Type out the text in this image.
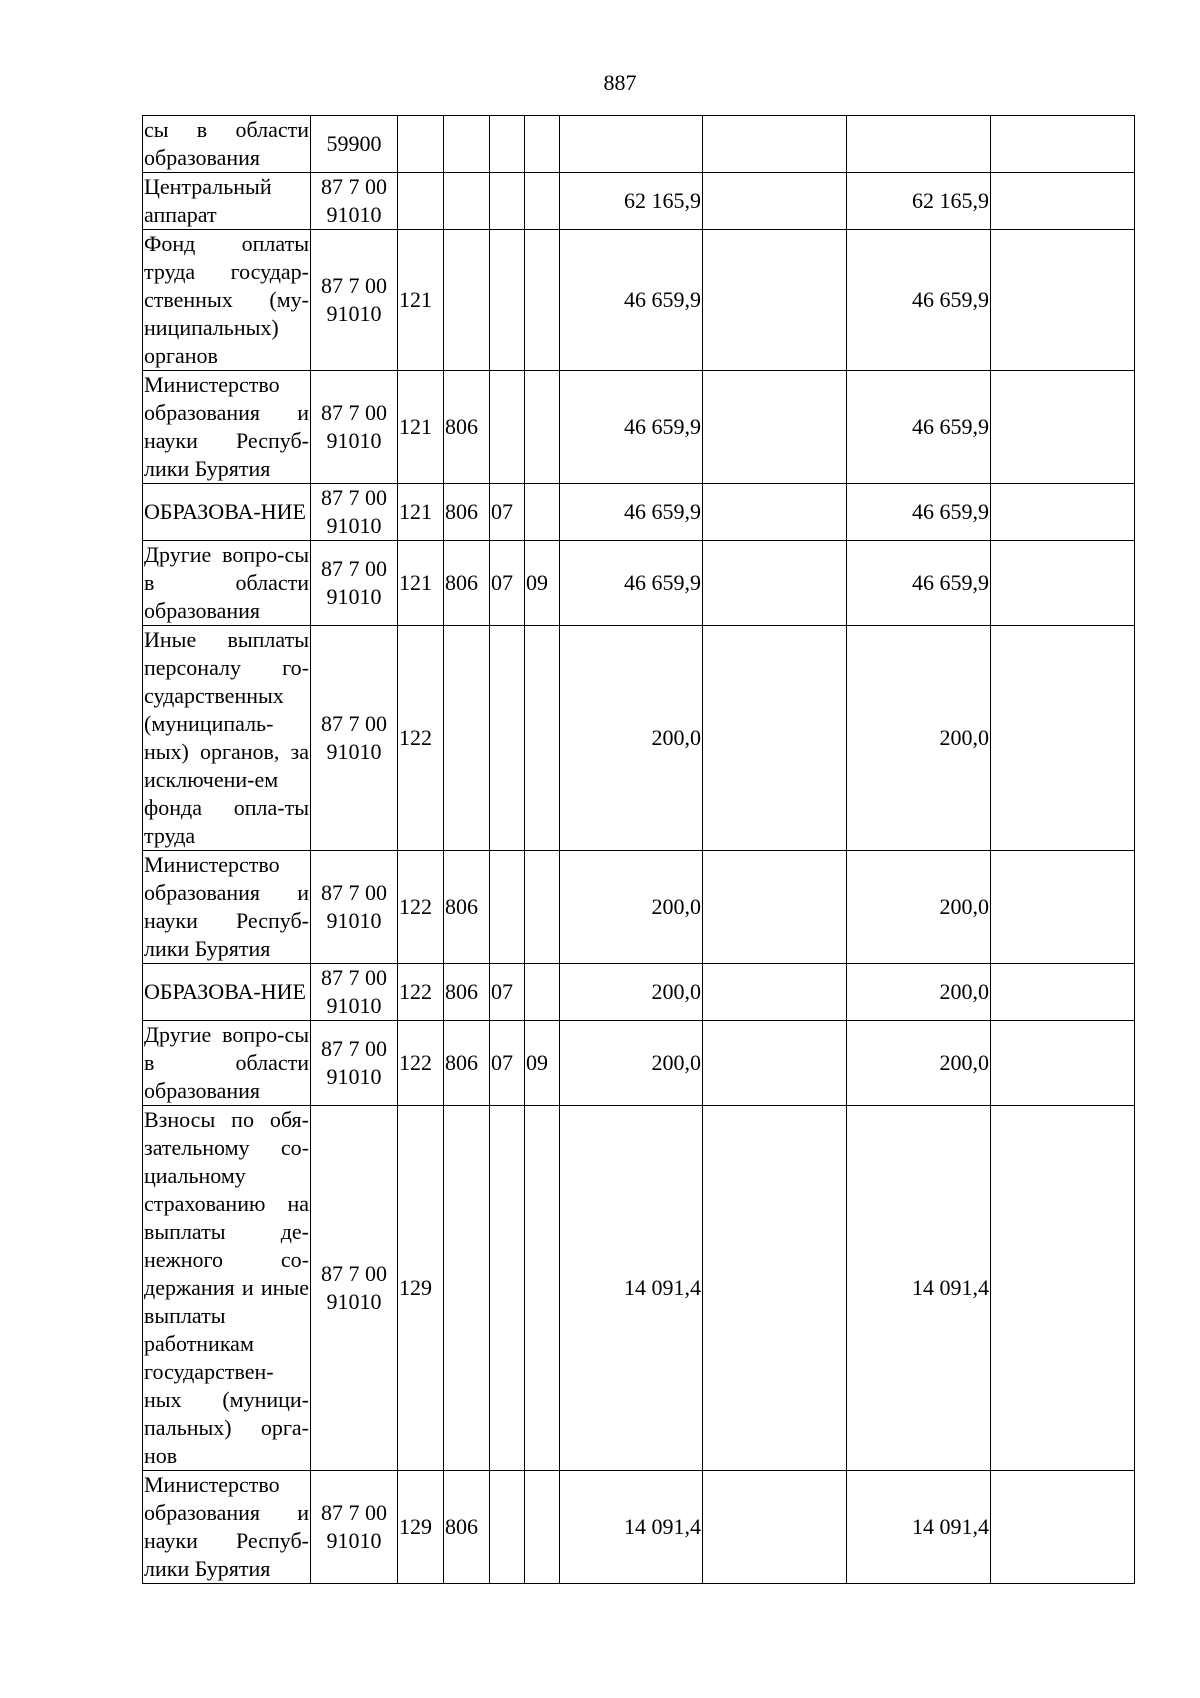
887
сы в области образования	59900								
Центральный аппарат	87 7 00 91010					62 165,9		62 165,9	
Фонд оплаты труда государ-ственных (му-ниципальных) органов	87 7 00 91010	121				46 659,9		46 659,9	
Министерство образования и науки Респуб-лики Бурятия	87 7 00 91010	121	806			46 659,9		46 659,9	
ОБРАЗОВА-НИЕ	87 7 00 91010	121	806	07		46 659,9		46 659,9	
Другие вопро-сы в области образования	87 7 00 91010	121	806	07	09	46 659,9		46 659,9	
Иные выплаты персоналу го-сударственных (муниципаль-ных) органов, за исключени-ем фонда опла-ты труда	87 7 00 91010	122				200,0		200,0	
Министерство образования и науки Респуб-лики Бурятия	87 7 00 91010	122	806			200,0		200,0	
ОБРАЗОВА-НИЕ	87 7 00 91010	122	806	07		200,0		200,0	
Другие вопро-сы в области образования	87 7 00 91010	122	806	07	09	200,0		200,0	
Взносы по обя-зательному со-циальному страхованию на выплаты де-нежного со-держания и иные выплаты работникам государствен-ных (муници-пальных) орга-нов	87 7 00 91010	129				14 091,4		14 091,4	
Министерство образования и науки Респуб-лики Бурятия	87 7 00 91010	129	806			14 091,4		14 091,4	
